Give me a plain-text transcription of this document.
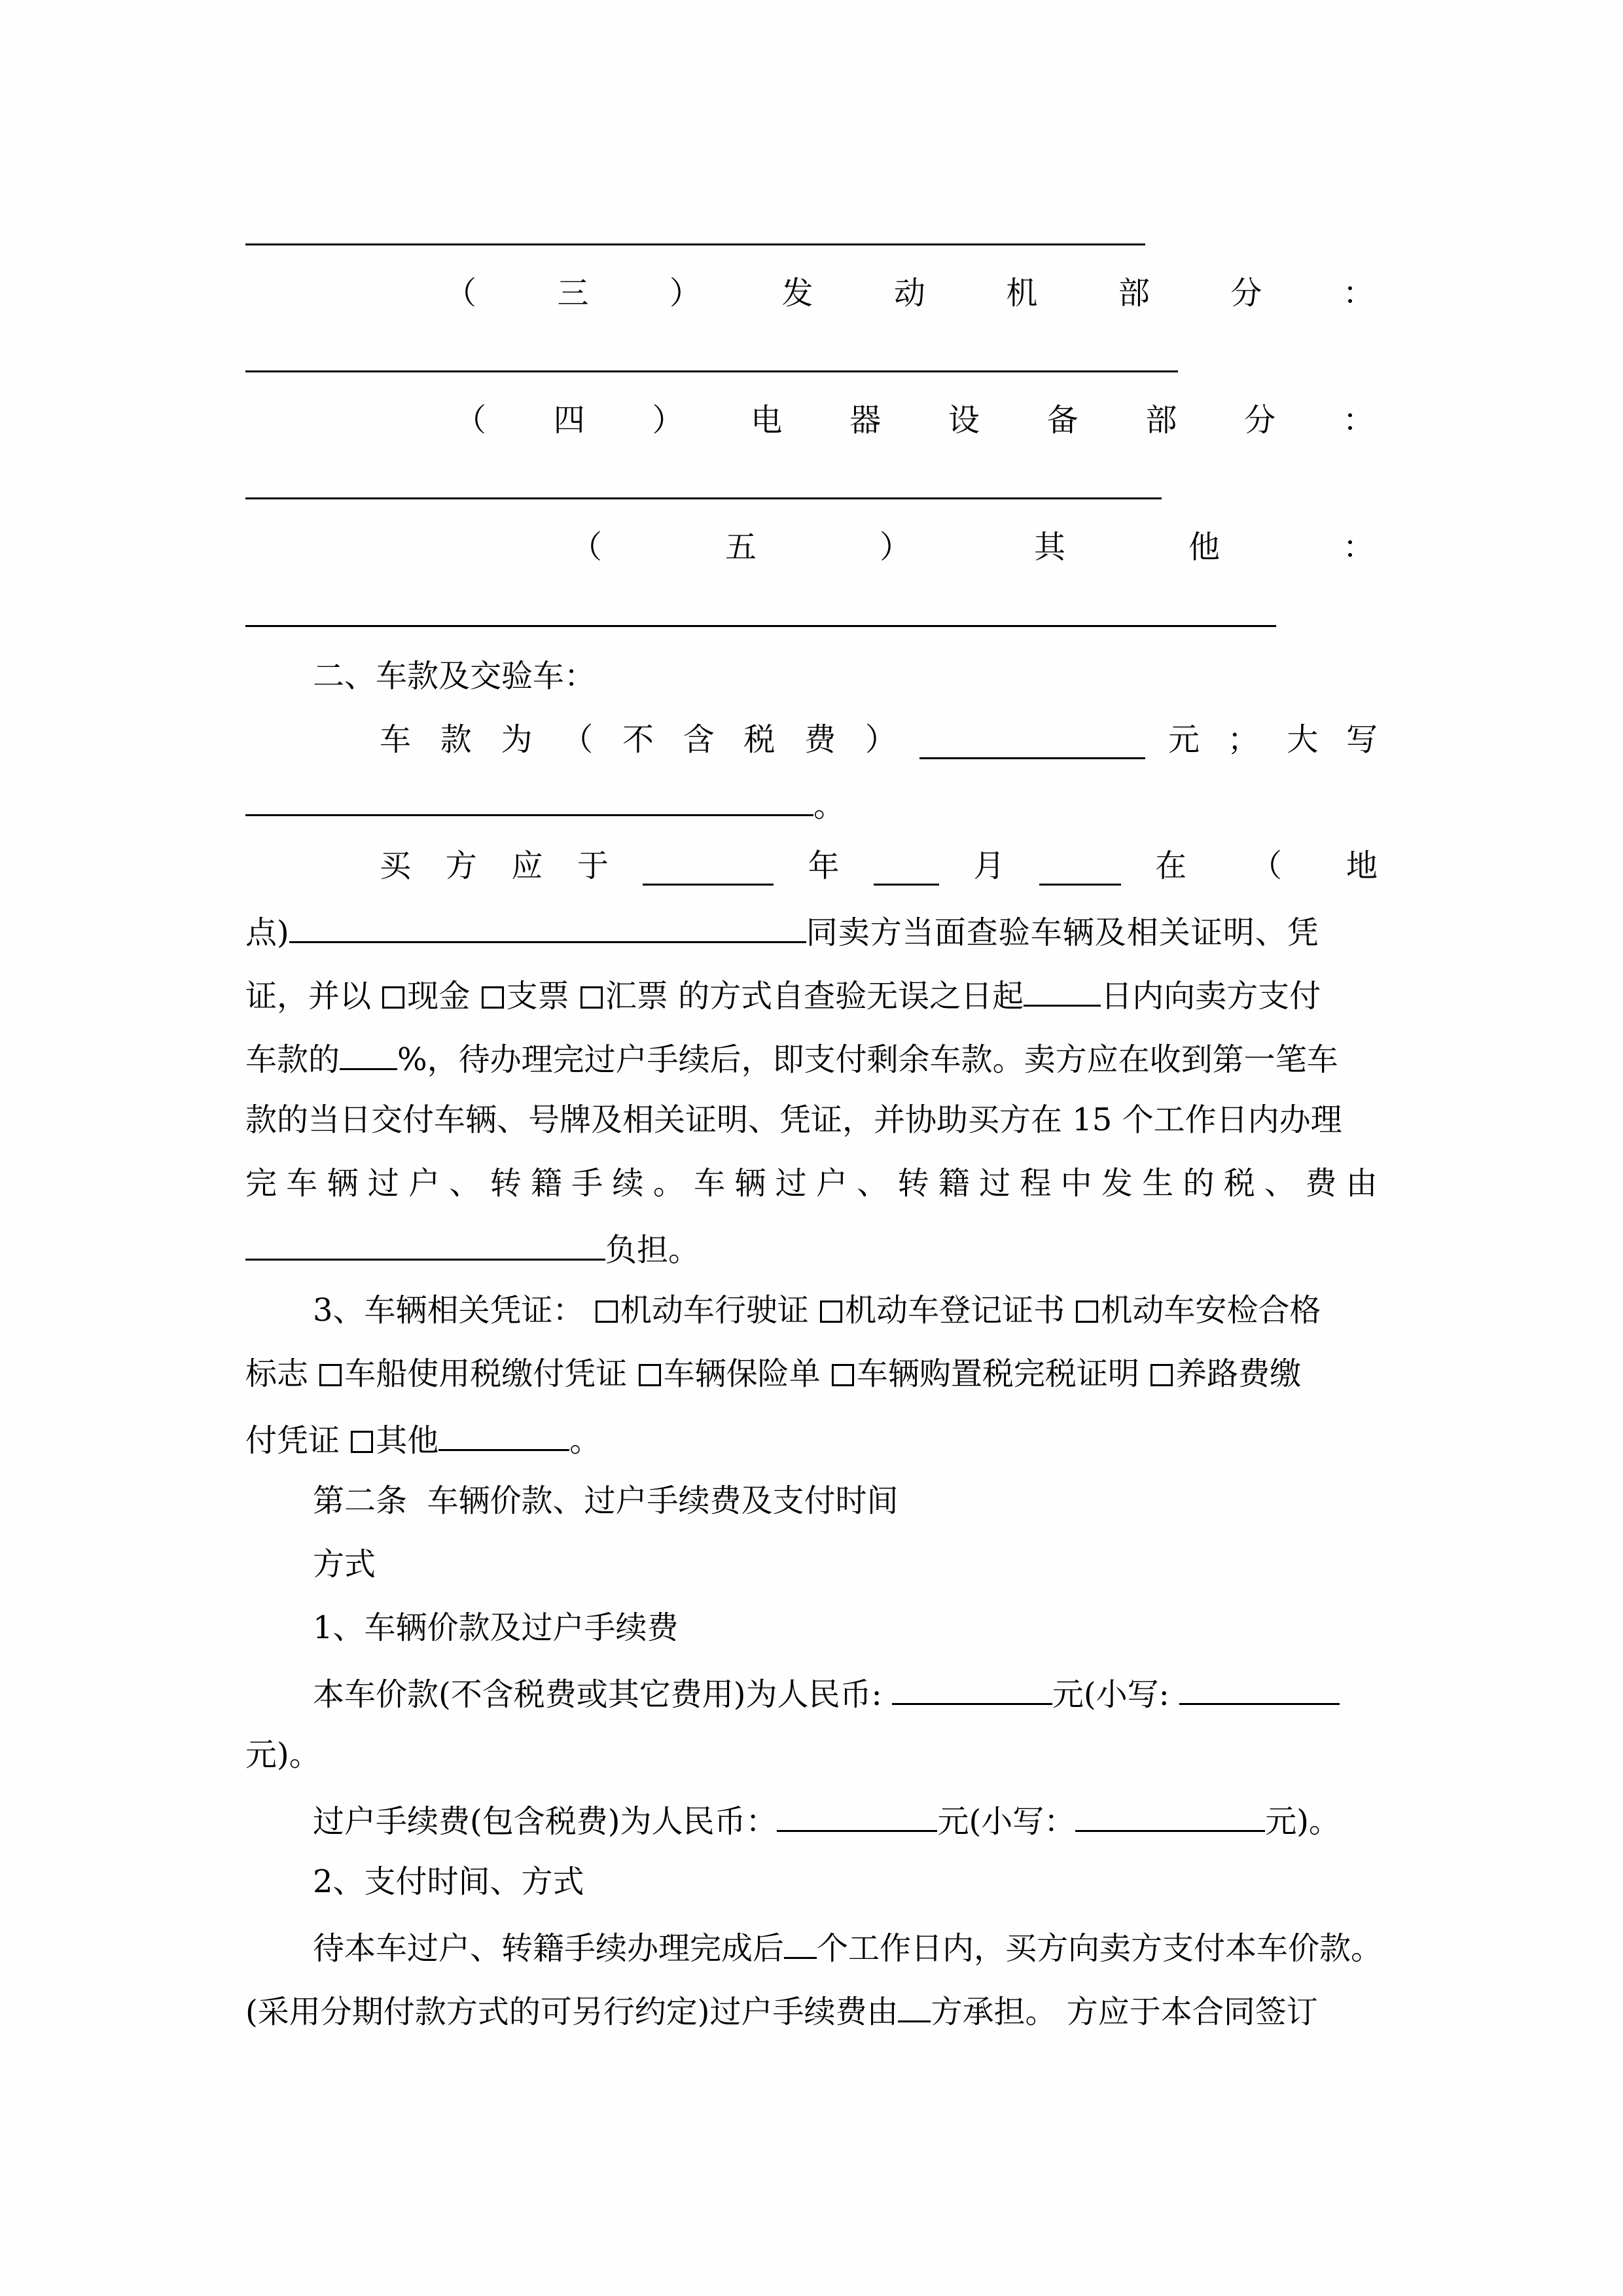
（	三	）	发	动	机	部	分	：
（ 四 ） 电 器 设 备 部 分 ：
（	五	）	其	他	：
二、车款及交验车：
车 款 为 （ 不 含 税 费 ）	元 ； 大 写
。
买 方 应 于	年	月	在 （ 地
点)	同卖方当面查验车辆及相关证明、凭
证，并以 现金 支票 汇票 的方式自查验无误之日起 日内向卖方支付
车款的 %，待办理完过户手续后，即支付剩余车款。卖方应在收到第一笔车
款的当日交付车辆、号牌及相关证明、凭证，并协助买方在 15 个工作日内办理
完 车 辆 过 户 、 转 籍 手 续 。 车 辆 过 户 、 转 籍 过 程 中 发 生 的 税 、 费 由
负担。
3、车辆相关凭证： 机动车行驶证 机动车登记证书 机动车安检合格
标志 车船使用税缴付凭证 车辆保险单 车辆购置税完税证明 养路费缴
付凭证 其他	。
第二条  车辆价款、过户手续费及支付时间
方式
1、车辆价款及过户手续费
本车价款(不含税费或其它费用)为人民币:	元(小写:
元)。
过户手续费(包含税费)为人民币：	元(小写：	元)。
2、支付时间、方式
待本车过户、转籍手续办理完成后 个工作日内，买方向卖方支付本车价款。
(采用分期付款方式的可另行约定)过户手续费由 方承担。 方应于本合同签订
